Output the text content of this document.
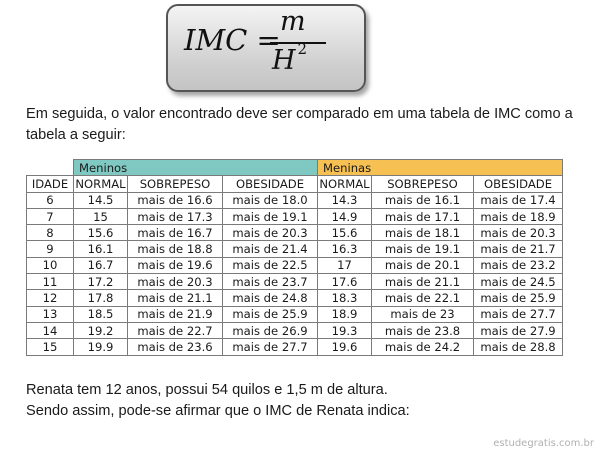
IMC =
m
H $^2$
Em seguida, o valor encontrado deve ser comparado em uma tabela de IMC como a tabela a seguir:
	Meninos			Meninas		
IDADE	NORMAL	SOBREPESO	OBESIDADE	NORMAL	SOBREPESO	OBESIDADE
6	14.5	mais de 16.6	mais de 18.0	14.3	mais de 16.1	mais de 17.4
7	15	mais de 17.3	mais de 19.1	14.9	mais de 17.1	mais de 18.9
8	15.6	mais de 16.7	mais de 20.3	15.6	mais de 18.1	mais de 20.3
9	16.1	mais de 18.8	mais de 21.4	16.3	mais de 19.1	mais de 21.7
10	16.7	mais de 19.6	mais de 22.5	17	mais de 20.1	mais de 23.2
11	17.2	mais de 20.3	mais de 23.7	17.6	mais de 21.1	mais de 24.5
12	17.8	mais de 21.1	mais de 24.8	18.3	mais de 22.1	mais de 25.9
13	18.5	mais de 21.9	mais de 25.9	18.9	mais de 23	mais de 27.7
14	19.2	mais de 22.7	mais de 26.9	19.3	mais de 23.8	mais de 27.9
15	19.9	mais de 23.6	mais de 27.7	19.6	mais de 24.2	mais de 28.8
Renata tem 12 anos, possui 54 quilos e 1,5 m de altura.
Sendo assim, pode-se afirmar que o IMC de Renata indica:
estudegratis.com.br
